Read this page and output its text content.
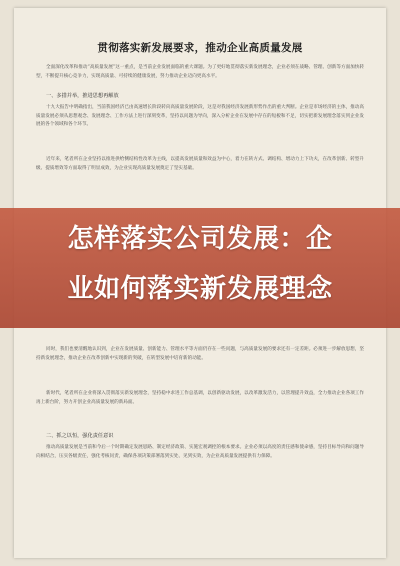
贯彻落实新发展要求，推动企业高质量发展
全面深化改革和推动“高质量发展”这一重点，是当前企业发展面临的重大课题。为了更好地贯彻落实新发展理念，企业必须在战略、管理、创新等方面加快转型，不断提升核心竞争力，实现高质量、可持续的健康发展，努力推动企业迈向更高水平。
一、多措并举，推进思想再解放
十九大报告中明确指出，当前我国经济已由高速增长阶段转向高质量发展阶段，这是对我国经济发展新形势作出的重大判断。企业是市场经济的主体，推动高质量发展必须从思想观念、发展理念、工作方法上进行深刻变革，坚持以问题为导向，深入分析企业在发展中存在的短板和不足，切实把新发展理念落实到企业发展的各个领域和各个环节。
近年来，笔者所在企业坚持以推进供给侧结构性改革为主线，以提高发展质量和效益为中心，着力在转方式、调结构、增动力上下功夫，在改革创新、转型升级、提质增效等方面取得了明显成效，为企业实现高质量发展奠定了坚实基础。
同时，我们也要清醒地认识到，企业在发展质量、创新能力、管理水平等方面仍存在一些问题，与高质量发展的要求还有一定差距。必须进一步解放思想，坚持新发展理念，推动企业在改革创新中实现新的突破，在转型发展中培育新的动能。
新时代，笔者所在企业将深入贯彻落实新发展理念，坚持稳中求进工作总基调，以创新驱动发展，以改革激发活力，以管理提升效益，全力推动企业各项工作再上新台阶，努力开创企业高质量发展的新局面。
二、抓之以恒，强化责任意识
推动高质量发展是当前和今后一个时期确定发展思路、制定经济政策、实施宏观调控的根本要求。企业必须以高度的责任感和使命感，坚持目标导向和问题导向相结合，压实各级责任，强化考核问责，确保各项决策部署落到实处、见到实效，为企业高质量发展提供有力保障。
怎样落实公司发展：企
业如何落实新发展理念
